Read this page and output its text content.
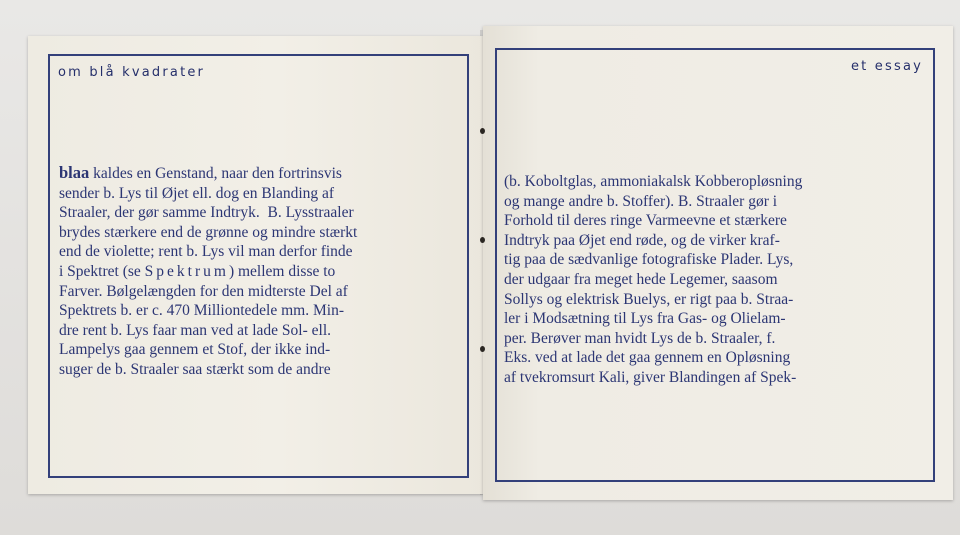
om blå kvadrater
blaa kaldes en Genstand, naar den fortrinsvis
sender b. Lys til Øjet ell. dog en Blanding af
Straaler, der gør samme Indtryk.  B. Lysstraaler
brydes stærkere end de grønne og mindre stærkt
end de violette; rent b. Lys vil man derfor finde
i Spektret (se Spektrum) mellem disse to
Farver. Bølgelængden for den midterste Del af
Spektrets b. er c. 470 Milliontedele mm. Min-
dre rent b. Lys faar man ved at lade Sol- ell.
Lampelys gaa gennem et Stof, der ikke ind-
suger de b. Straaler saa stærkt som de andre
et essay
(b. Koboltglas, ammoniakalsk Kobberopløsning
og mange andre b. Stoffer). B. Straaler gør i
Forhold til deres ringe Varmeevne et stærkere
Indtryk paa Øjet end røde, og de virker kraf-
tig paa de sædvanlige fotografiske Plader. Lys,
der udgaar fra meget hede Legemer, saasom
Sollys og elektrisk Buelys, er rigt paa b. Straa-
ler i Modsætning til Lys fra Gas- og Olielam-
per. Berøver man hvidt Lys de b. Straaler, f.
Eks. ved at lade det gaa gennem en Opløsning
af tvekromsurt Kali, giver Blandingen af Spek-
